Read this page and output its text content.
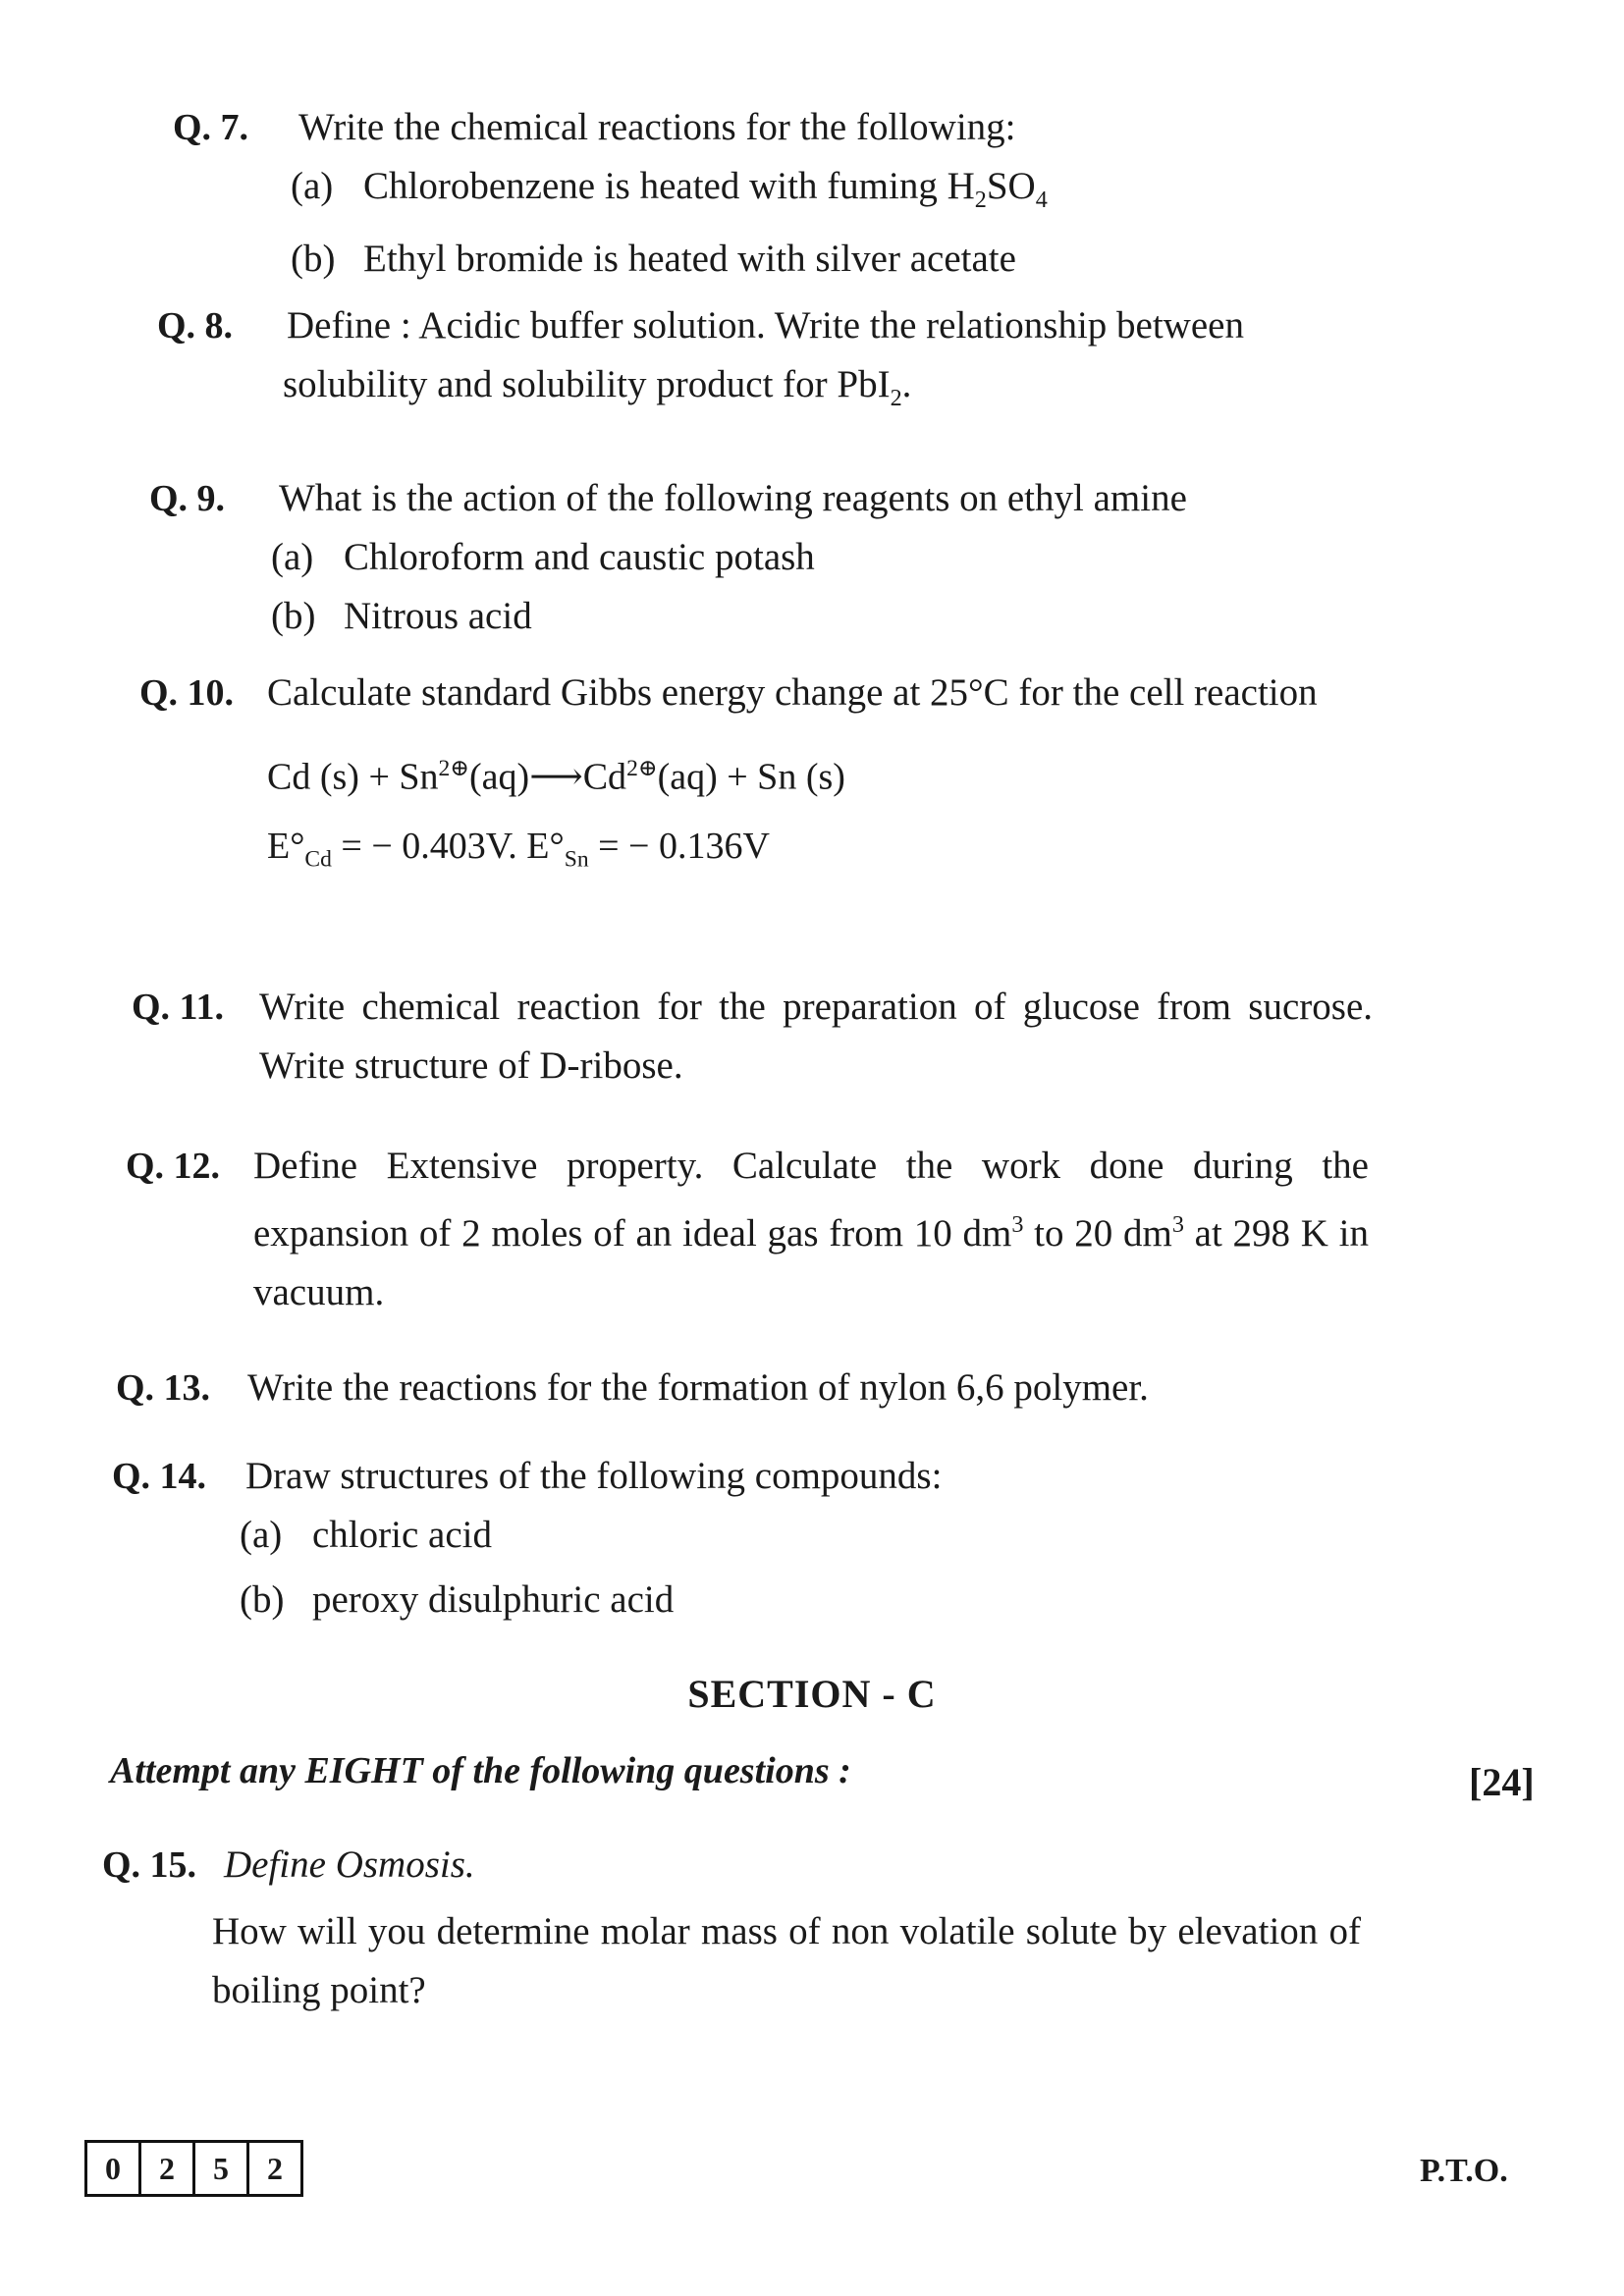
Q. 7. Write the chemical reactions for the following:
(a) Chlorobenzene is heated with fuming $H_2SO_4$
(b) Ethyl bromide is heated with silver acetate
Q. 8. Define : Acidic buffer solution. Write the relationship between
solubility and solubility product for PbI$_2$.
Q. 9. What is the action of the following reagents on ethyl amine
(a) Chloroform and caustic potash
(b) Nitrous acid
Q. 10. Calculate standard Gibbs energy change at 25°C for the cell reaction
Cd $(s) + Sn^{2\oplus}(aq)⟶Cd^{2\oplus}(aq) + Sn$ (s)
$E^\circ_{Cd}$ = − 0.403V. $E^\circ_{Sn}$ = − 0.136V
Q. 11. Write chemical reaction for the preparation of glucose from sucrose. Write structure of D-ribose.
Q. 12. Define Extensive property. Calculate the work done during the expansion of 2 moles of an ideal gas from 10 $dm^3$ to 20 $dm^3$ at 298 K in vacuum.
Q. 13. Write the reactions for the formation of nylon 6,6 polymer.
Q. 14. Draw structures of the following compounds:
(a) chloric acid
(b) peroxy disulphuric acid
SECTION - C
Attempt any EIGHT of the following questions :	[24]
Q. 15. Define Osmosis.
How will you determine molar mass of non volatile solute by elevation of boiling point?
0	2	5	2	P.T.O.
